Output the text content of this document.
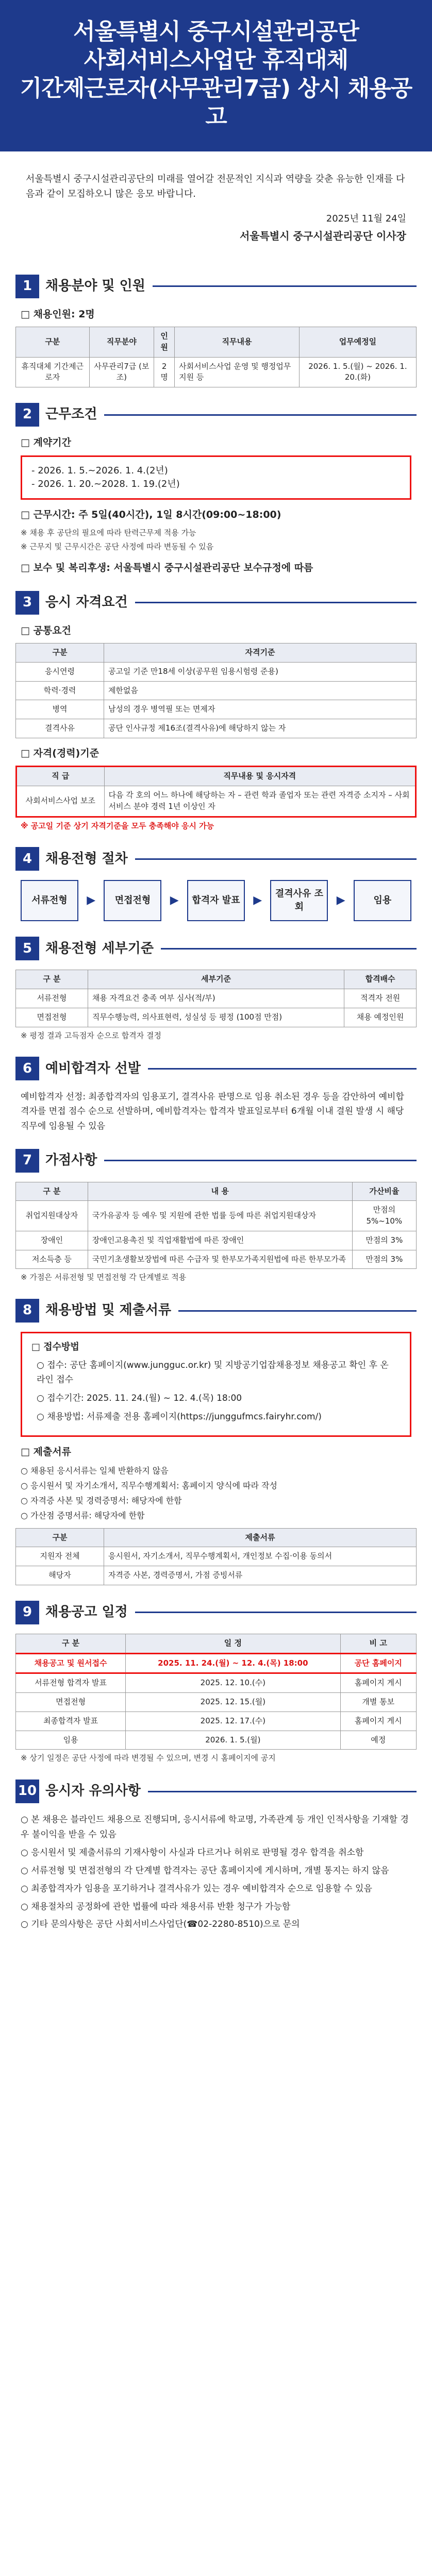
서울특별시 중구시설관리공단
사회서비스사업단 휴직대체
기간제근로자(사무관리7급) 상시 채용공고
서울특별시 중구시설관리공단의 미래를 열어갈 전문적인 지식과 역량을 갖춘 유능한 인재를 다음과 같이 모집하오니 많은 응모 바랍니다.
2025년 11월 24일
서울특별시 중구시설관리공단 이사장
1 채용분야 및 인원
□ 채용인원: 2명
구분	직무분야	인원	직무내용	업무예정일
휴직대체 기간제근로자	사무관리7급 (보조)	2명	사회서비스사업 운영 및 행정업무 지원 등	2026. 1. 5.(월) ~ 2026. 1. 20.(화)
2 근무조건
□ 계약기간
- 2026. 1. 5.~2026. 1. 4.(2년)
- 2026. 1. 20.~2028. 1. 19.(2년)
□ 근무시간: 주 5일(40시간), 1일 8시간(09:00~18:00)
※ 채용 후 공단의 필요에 따라 탄력근무제 적용 가능
※ 근무지 및 근무시간은 공단 사정에 따라 변동될 수 있음
□ 보수 및 복리후생: 서울특별시 중구시설관리공단 보수규정에 따름
3 응시 자격요건
□ 공통요건
구분	자격기준
응시연령	공고일 기준 만18세 이상(공무원 임용시험령 준용)
학력·경력	제한없음
병역	남성의 경우 병역필 또는 면제자
결격사유	공단 인사규정 제16조(결격사유)에 해당하지 않는 자
□ 자격(경력)기준
직 급	직무내용 및 응시자격
사회서비스사업 보조	다음 각 호의 어느 하나에 해당하는 자 – 관련 학과 졸업자 또는 관련 자격증 소지자 – 사회서비스 분야 경력 1년 이상인 자
※ 공고일 기준 상기 자격기준을 모두 충족해야 응시 가능
4 채용전형 절차
서류전형	▶	면접전형	▶	합격자 발표	▶
결격사유 조회
▶	임용
5 채용전형 세부기준
구 분	세부기준	합격배수
서류전형	채용 자격요건 충족 여부 심사(적/부)	적격자 전원
면접전형	직무수행능력, 의사표현력, 성실성 등 평정 (100점 만점)	채용 예정인원
※ 평정 결과 고득점자 순으로 합격자 결정
6 예비합격자 선발
예비합격자 선정: 최종합격자의 임용포기, 결격사유 판명으로 임용 취소된 경우 등을 감안하여 예비합격자를 면접 점수 순으로 선발하며, 예비합격자는 합격자 발표일로부터 6개월 이내 결원 발생 시 해당 직무에 임용될 수 있음
7 가점사항
구 분	내 용	가산비율
취업지원대상자	국가유공자 등 예우 및 지원에 관한 법률 등에 따른 취업지원대상자	만점의 5%~10%
장애인	장애인고용촉진 및 직업재활법에 따른 장애인	만점의 3%
저소득층 등	국민기초생활보장법에 따른 수급자 및 한부모가족지원법에 따른 한부모가족	만점의 3%
※ 가점은 서류전형 및 면접전형 각 단계별로 적용
8 채용방법 및 제출서류
□ 접수방법
○ 접수: 공단 홈페이지(www.jungguc.or.kr) 및 지방공기업잡채용정보 채용공고 확인 후 온라인 접수
○ 접수기간: 2025. 11. 24.(월) ~ 12. 4.(목) 18:00
○ 채용방법: 서류제출 전용 홈페이지(https://junggufmcs.fairyhr.com/)
□ 제출서류
○ 채용된 응시서류는 일체 반환하지 않음
○ 응시원서 및 자기소개서, 직무수행계획서: 홈페이지 양식에 따라 작성
○ 자격증 사본 및 경력증명서: 해당자에 한함
○ 가산점 증명서류: 해당자에 한함
구분	제출서류
지원자 전체	응시원서, 자기소개서, 직무수행계획서, 개인정보 수집·이용 동의서
해당자	자격증 사본, 경력증명서, 가점 증빙서류
9 채용공고 일정
구 분	일 정	비 고
채용공고 및 원서접수	2025. 11. 24.(월) ~ 12. 4.(목) 18:00	공단 홈페이지
서류전형 합격자 발표	2025. 12. 10.(수)	홈페이지 게시
면접전형	2025. 12. 15.(월)	개별 통보
최종합격자 발표	2025. 12. 17.(수)	홈페이지 게시
임용	2026. 1. 5.(월)	예정
※ 상기 일정은 공단 사정에 따라 변경될 수 있으며, 변경 시 홈페이지에 공지
10 응시자 유의사항
○ 본 채용은 블라인드 채용으로 진행되며, 응시서류에 학교명, 가족관계 등 개인 인적사항을 기재할 경우 불이익을 받을 수 있음
○ 응시원서 및 제출서류의 기재사항이 사실과 다르거나 허위로 판명될 경우 합격을 취소함
○ 서류전형 및 면접전형의 각 단계별 합격자는 공단 홈페이지에 게시하며, 개별 통지는 하지 않음
○ 최종합격자가 임용을 포기하거나 결격사유가 있는 경우 예비합격자 순으로 임용할 수 있음
○ 채용절차의 공정화에 관한 법률에 따라 채용서류 반환 청구가 가능함
○ 기타 문의사항은 공단 사회서비스사업단(☎02-2280-8510)으로 문의
